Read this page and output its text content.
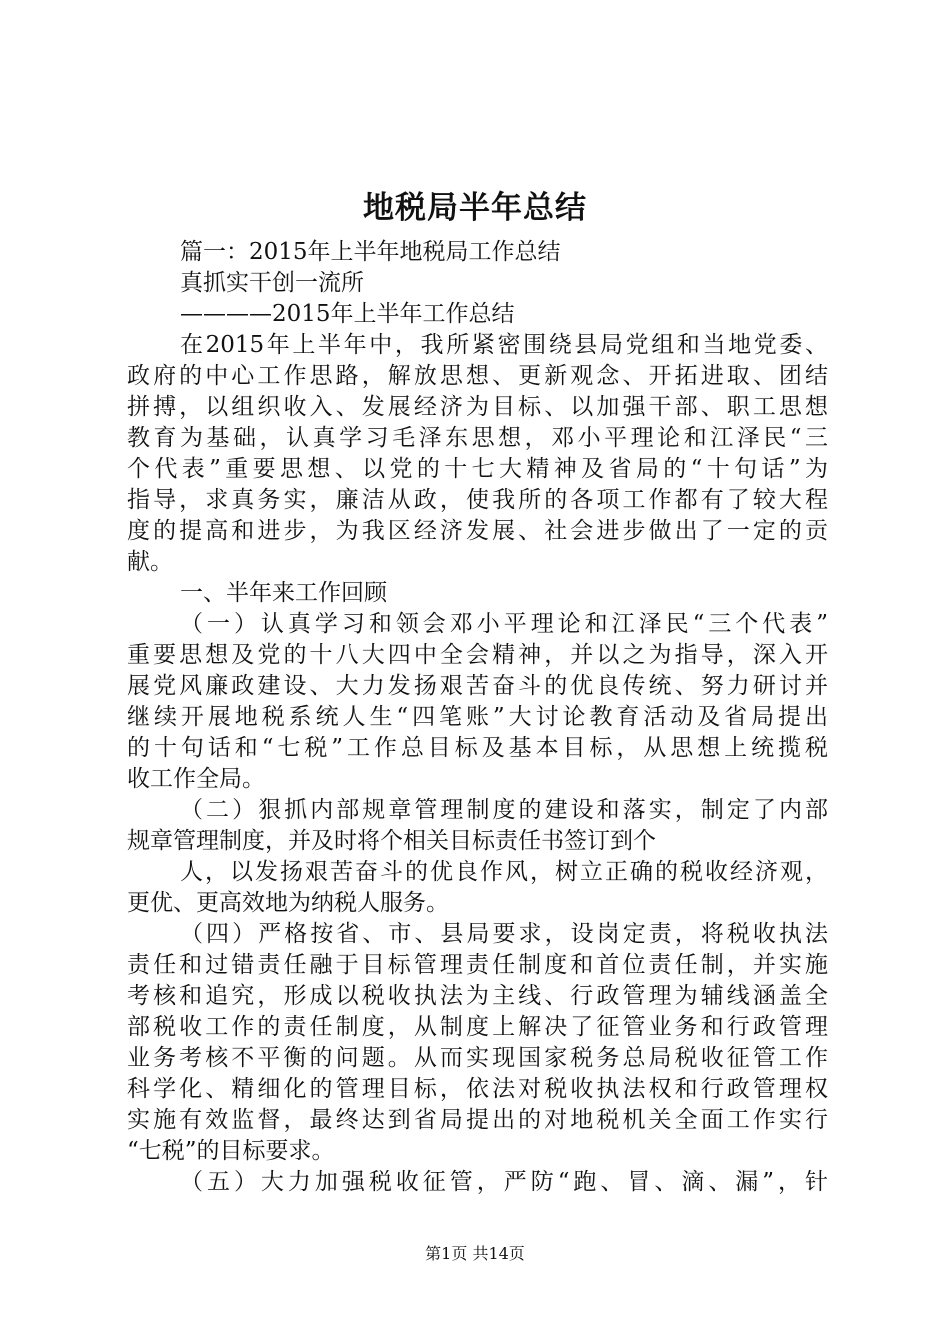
地税局半年总结
篇一：2015年上半年地税局工作总结
真抓实干创一流所
————2015年上半年工作总结
在2015年上半年中，我所紧密围绕县局党组和当地党委、
政府的中心工作思路，解放思想、更新观念、开拓进取、团结
拼搏，以组织收入、发展经济为目标、以加强干部、职工思想
教育为基础，认真学习毛泽东思想，邓小平理论和江泽民“三
个代表”重要思想、以党的十七大精神及省局的“十句话”为
指导，求真务实，廉洁从政，使我所的各项工作都有了较大程
度的提高和进步，为我区经济发展、社会进步做出了一定的贡
献。
一、半年来工作回顾
（一）认真学习和领会邓小平理论和江泽民“三个代表”
重要思想及党的十八大四中全会精神，并以之为指导，深入开
展党风廉政建设、大力发扬艰苦奋斗的优良传统、努力研讨并
继续开展地税系统人生“四笔账”大讨论教育活动及省局提出
的十句话和“七税”工作总目标及基本目标，从思想上统揽税
收工作全局。
（二）狠抓内部规章管理制度的建设和落实，制定了内部
规章管理制度，并及时将个相关目标责任书签订到个
人，以发扬艰苦奋斗的优良作风，树立正确的税收经济观，
更优、更高效地为纳税人服务。
（四）严格按省、市、县局要求，设岗定责，将税收执法
责任和过错责任融于目标管理责任制度和首位责任制，并实施
考核和追究，形成以税收执法为主线、行政管理为辅线涵盖全
部税收工作的责任制度，从制度上解决了征管业务和行政管理
业务考核不平衡的问题。从而实现国家税务总局税收征管工作
科学化、精细化的管理目标，依法对税收执法权和行政管理权
实施有效监督，最终达到省局提出的对地税机关全面工作实行
“七税”的目标要求。
（五）大力加强税收征管，严防“跑、冒、滴、漏”，针
第1页 共14页
